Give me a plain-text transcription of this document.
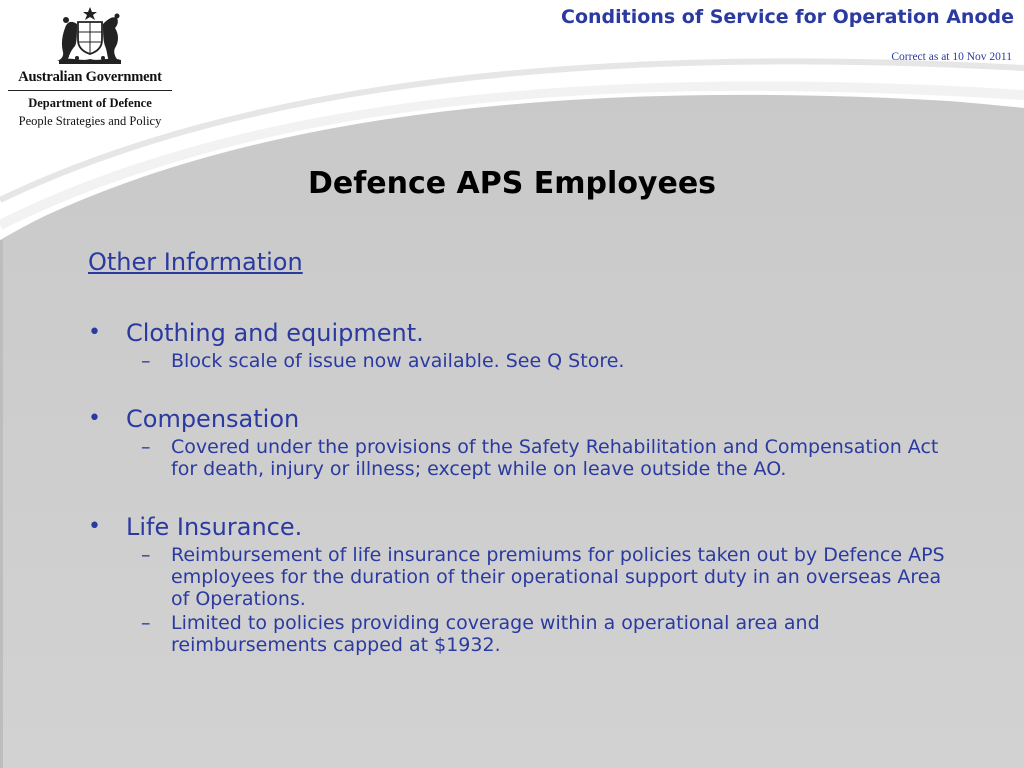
Conditions of Service for Operation Anode
Correct as at 10 Nov 2011
Australian Government
Department of Defence
People Strategies and Policy
Defence APS Employees
Other Information
• Clothing and equipment.
– Block scale of issue now available. See Q Store.
• Compensation
– Covered under the provisions of the Safety Rehabilitation and Compensation Act for death, injury or illness; except while on leave outside the AO.
• Life Insurance.
– Reimbursement of life insurance premiums for policies taken out by Defence APS employees for the duration of their operational support duty in an overseas Area of Operations.
– Limited to policies providing coverage within a operational area and reimbursements capped at $1932.
